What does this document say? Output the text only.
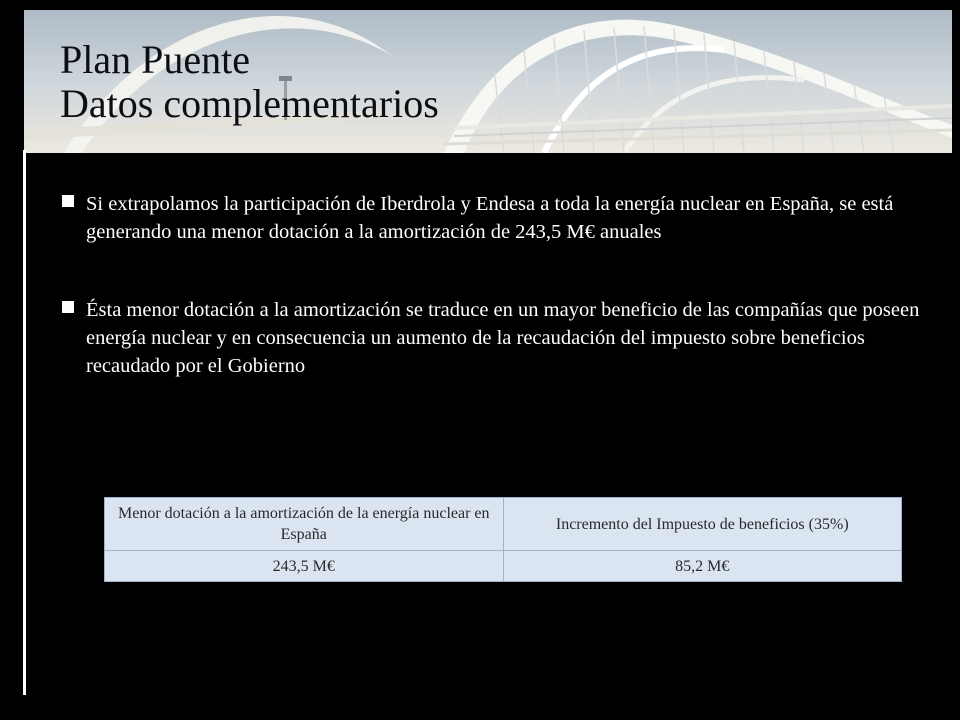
Plan Puente
Datos complementarios
Si extrapolamos la participación de Iberdrola y Endesa a toda la energía nuclear en España, se está generando una menor dotación a la amortización de 243,5 M€ anuales
Ésta menor dotación a la amortización se traduce en un mayor beneficio de las compañías que poseen energía nuclear y en consecuencia un aumento de la recaudación del impuesto sobre beneficios recaudado por el Gobierno
Menor dotación a la amortización de la energía nuclear en España	Incremento del Impuesto de beneficios (35%)
243,5 M€	85,2 M€
